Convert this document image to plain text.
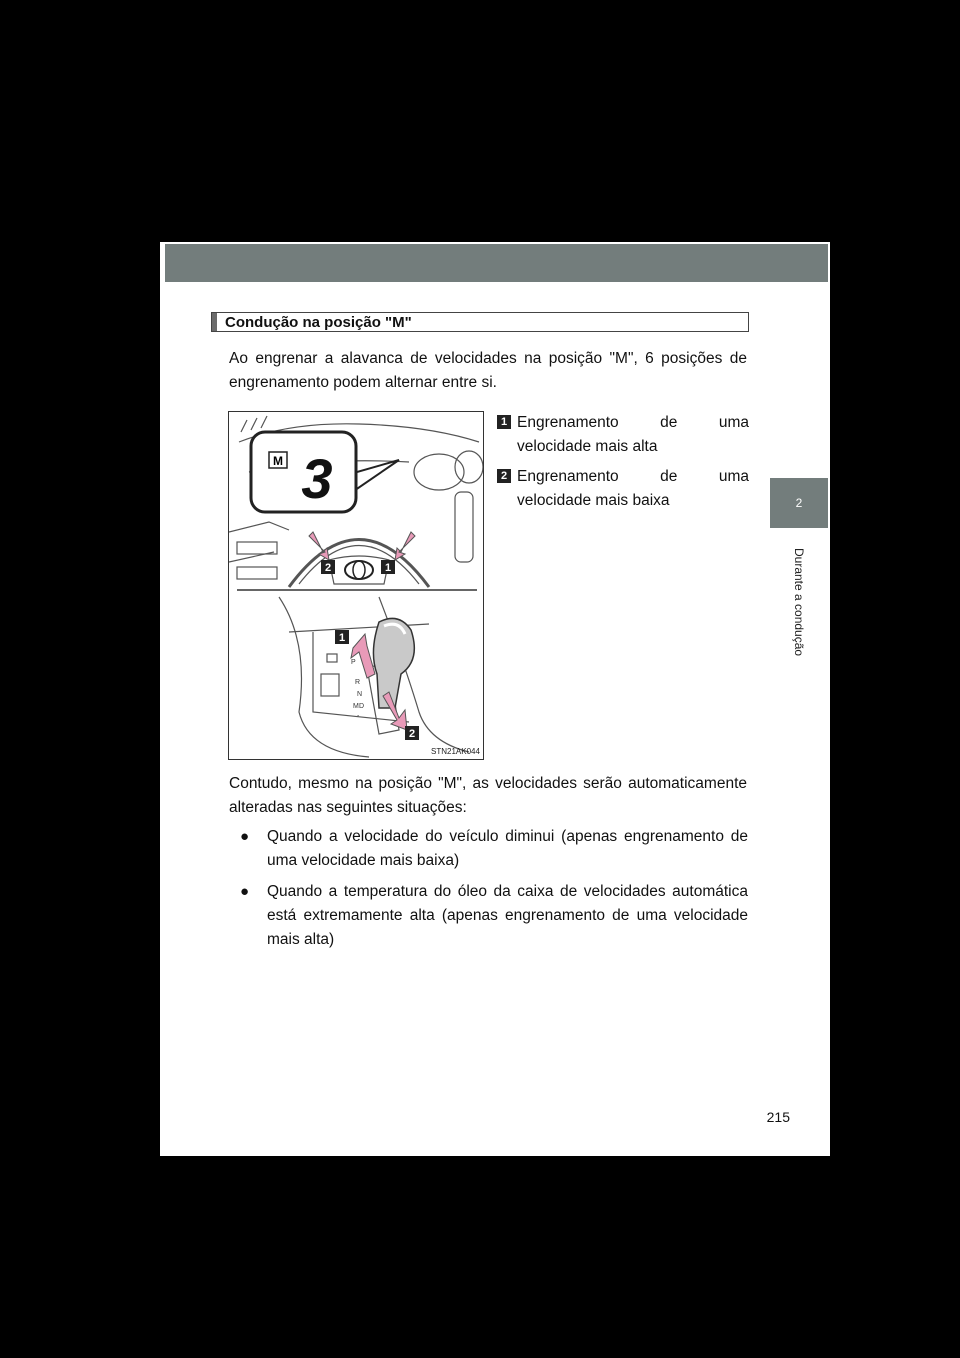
2
Durante a condução
Condução na posição "M"
Ao engrenar a alavanca de velocidades na posição "M", 6 posições de engrenamento podem alternar entre si.
M 3
2	1
P
R
N
D
M
-
1
2
STN21AK044
1 Engrenamento de uma velocidade mais alta
2 Engrenamento de uma velocidade mais baixa
Contudo, mesmo na posição "M", as velocidades serão automaticamente alteradas nas seguintes situações:
●	Quando a velocidade do veículo diminui (apenas engrenamento de uma velocidade mais baixa)
●	Quando a temperatura do óleo da caixa de velocidades automática está extremamente alta (apenas engrenamento de uma velocidade mais alta)
215
